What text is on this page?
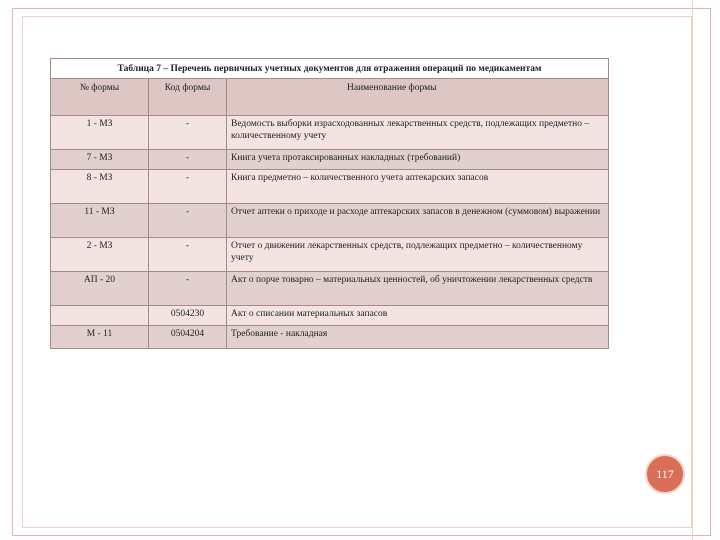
Таблица 7 – Перечень первичных учетных документов для отражения операций по медикаментам		
№ формы	Код формы	Наименование формы
1 - МЗ	-	Ведомость выборки израсходованных лекарственных средств, подлежащих предметно – количественному учету
7 - МЗ	-	Книга учета протаксированных накладных (требований)
8 - МЗ	-	Книга предметно – количественного учета аптекарских запасов
11 - МЗ	-	Отчет аптеки о приходе и расходе аптекарских запасов в денежном (суммовом) выражении
2 - МЗ	-	Отчет о движении лекарственных средств, подлежащих предметно – количественному учету
АП - 20	-	Акт о порче товарно – материальных ценностей, об уничтожении лекарственных средств
	0504230	Акт о списании материальных запасов
М - 11	0504204	Требование - накладная
117
